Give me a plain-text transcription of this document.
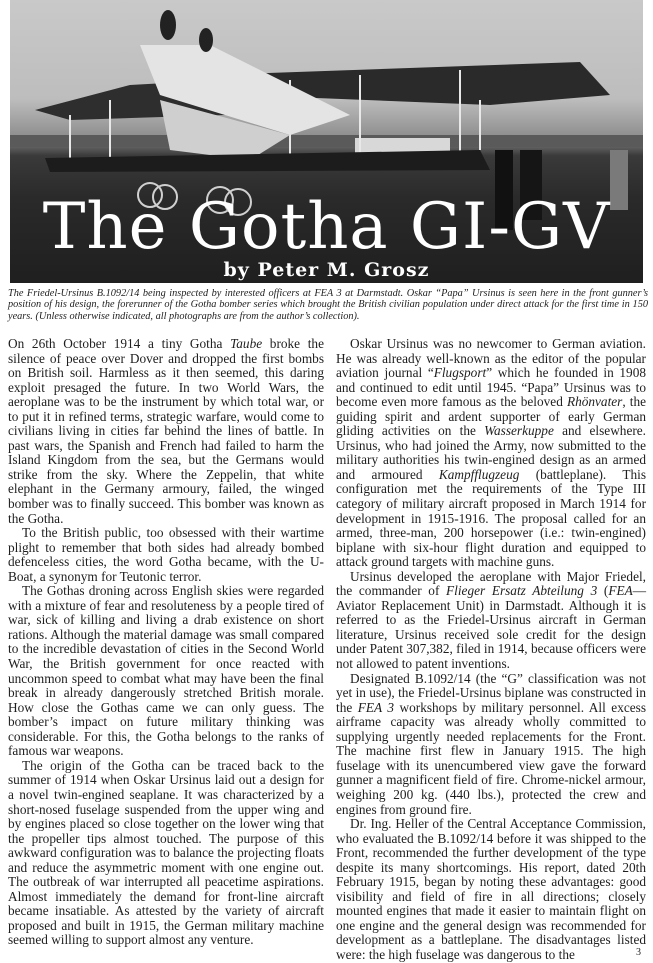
The Gotha GI-GV
by Peter M. Grosz
The Friedel-Ursinus B.1092/14 being inspected by interested officers at FEA 3 at Darmstadt. Oskar “Papa” Ursinus is seen here in the front gunner’s position of his design, the forerunner of the Gotha bomber series which brought the British civilian population under direct attack for the first time in 150 years. (Unless otherwise indicated, all photographs are from the author’s collection).

On 26th October 1914 a tiny Gotha Taube broke the silence of peace over Dover and dropped the first bombs on British soil. Harmless as it then seemed, this daring exploit presaged the future. In two World Wars, the aeroplane was to be the instrument by which total war, or to put it in refined terms, strategic warfare, would come to civilians living in cities far behind the lines of battle. In past wars, the Spanish and French had failed to harm the Island Kingdom from the sea, but the Germans would strike from the sky. Where the Zeppelin, that white elephant in the Germany armoury, failed, the winged bomber was to finally succeed. This bomber was known as the Gotha.

To the British public, too obsessed with their wartime plight to remember that both sides had already bombed defenceless cities, the word Gotha became, with the U-Boat, a synonym for Teutonic terror.

The Gothas droning across English skies were regarded with a mixture of fear and resoluteness by a people tired of war, sick of killing and living a drab existence on short rations. Although the material damage was small compared to the incredible devastation of cities in the Second World War, the British government for once reacted with uncommon speed to combat what may have been the final break in already dangerously stretched British morale. How close the Gothas came we can only guess. The bomber’s impact on future military thinking was considerable. For this, the Gotha belongs to the ranks of famous war weapons.

The origin of the Gotha can be traced back to the summer of 1914 when Oskar Ursinus laid out a design for a novel twin-engined seaplane. It was characterized by a short-nosed fuselage suspended from the upper wing and by engines placed so close together on the lower wing that the propeller tips almost touched. The purpose of this awkward configuration was to balance the projecting floats and reduce the asymmetric moment with one engine out. The outbreak of war interrupted all peacetime aspirations. Almost immediately the demand for front-line aircraft became insatiable. As attested by the variety of aircraft proposed and built in 1915, the German military machine seemed willing to support almost any venture.

Oskar Ursinus was no newcomer to German aviation. He was already well-known as the editor of the popular aviation journal “Flugsport” which he founded in 1908 and continued to edit until 1945. “Papa” Ursinus was to become even more famous as the beloved Rhönvater, the guiding spirit and ardent supporter of early German gliding activities on the Wasserkuppe and elsewhere. Ursinus, who had joined the Army, now submitted to the military authorities his twin-engined design as an armed and armoured Kampfflugzeug (battleplane). This configuration met the requirements of the Type III category of military aircraft proposed in March 1914 for development in 1915-1916. The proposal called for an armed, three-man, 200 horsepower (i.e.: twin-engined) biplane with six-hour flight duration and equipped to attack ground targets with machine guns.

Ursinus developed the aeroplane with Major Friedel, the commander of Flieger Ersatz Abteilung 3 (FEA—Aviator Replacement Unit) in Darmstadt. Although it is referred to as the Friedel-Ursinus aircraft in German literature, Ursinus received sole credit for the design under Patent 307,382, filed in 1914, because officers were not allowed to patent inventions.

Designated B.1092/14 (the “G” classification was not yet in use), the Friedel-Ursinus biplane was constructed in the FEA 3 workshops by military personnel. All excess airframe capacity was already wholly committed to supplying urgently needed replacements for the Front. The machine first flew in January 1915. The high fuselage with its unencumbered view gave the forward gunner a magnificent field of fire. Chrome-nickel armour, weighing 200 kg. (440 lbs.), protected the crew and engines from ground fire.

Dr. Ing. Heller of the Central Acceptance Commission, who evaluated the B.1092/14 before it was shipped to the Front, recommended the further development of the type despite its many shortcomings. His report, dated 20th February 1915, began by noting these advantages: good visibility and field of fire in all directions; closely mounted engines that made it easier to maintain flight on one engine and the general design was recommended for development as a battleplane. The disadvantages listed were: the high fuselage was dangerous to the	3
